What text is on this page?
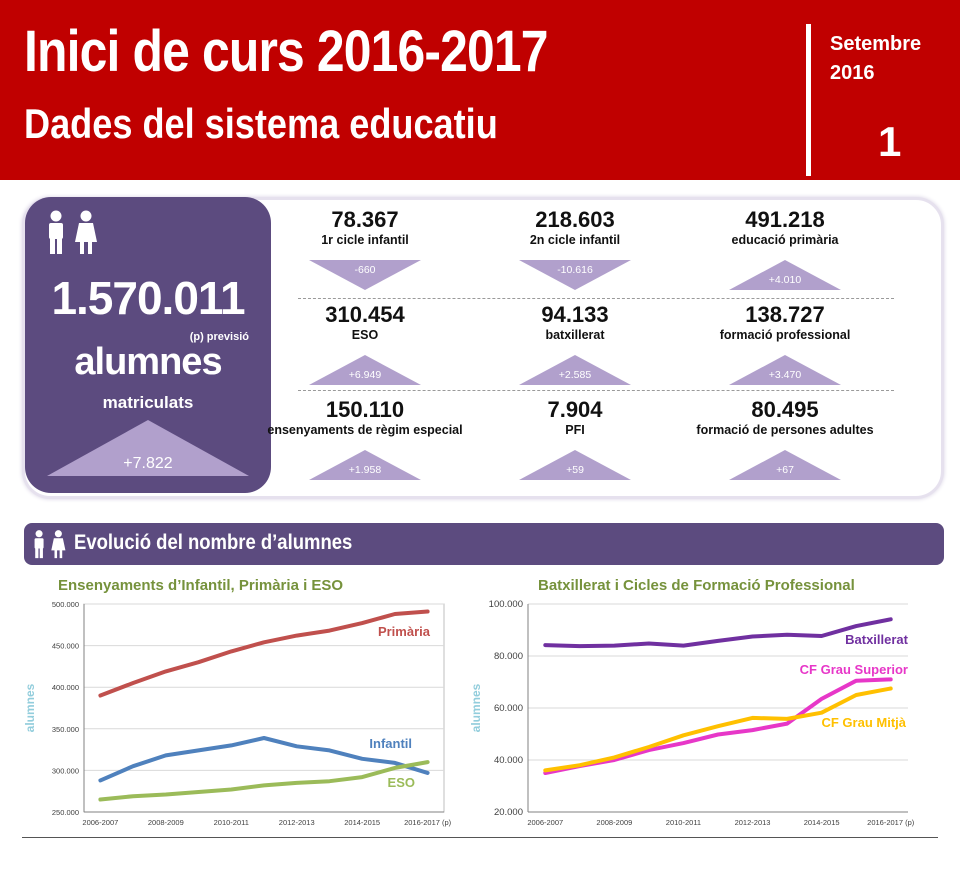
Inici de curs 2016-2017
Dades del sistema educatiu
Setembre
2016
1
1.570.011
(p) previsió
alumnes
matriculats
+7.822
78.367
1r cicle infantil
-660
218.603
2n cicle infantil
-10.616
491.218
educació primària
+4.010
310.454
ESO
+6.949
94.133
batxillerat
+2.585
138.727
formació professional
+3.470
150.110
ensenyaments de règim especial
+1.958
7.904
PFI
+59
80.495
formació de persones adultes
+67
Evolució del nombre d’alumnes
Ensenyaments d’Infantil, Primària i ESO
250.000
300.000
350.000
400.000
450.000
500.000
2006-2007	2008-2009	2010-2011	2012-2013	2014-2015	2016-2017 (p)
alumnes
Primària
Infantil
ESO
Batxillerat i Cicles de Formació Professional
20.000
40.000
60.000
80.000
100.000
2006-2007	2008-2009	2010-2011	2012-2013	2014-2015	2016-2017 (p)
alumnes
Batxillerat
CF Grau Superior
CF Grau Mitjà
